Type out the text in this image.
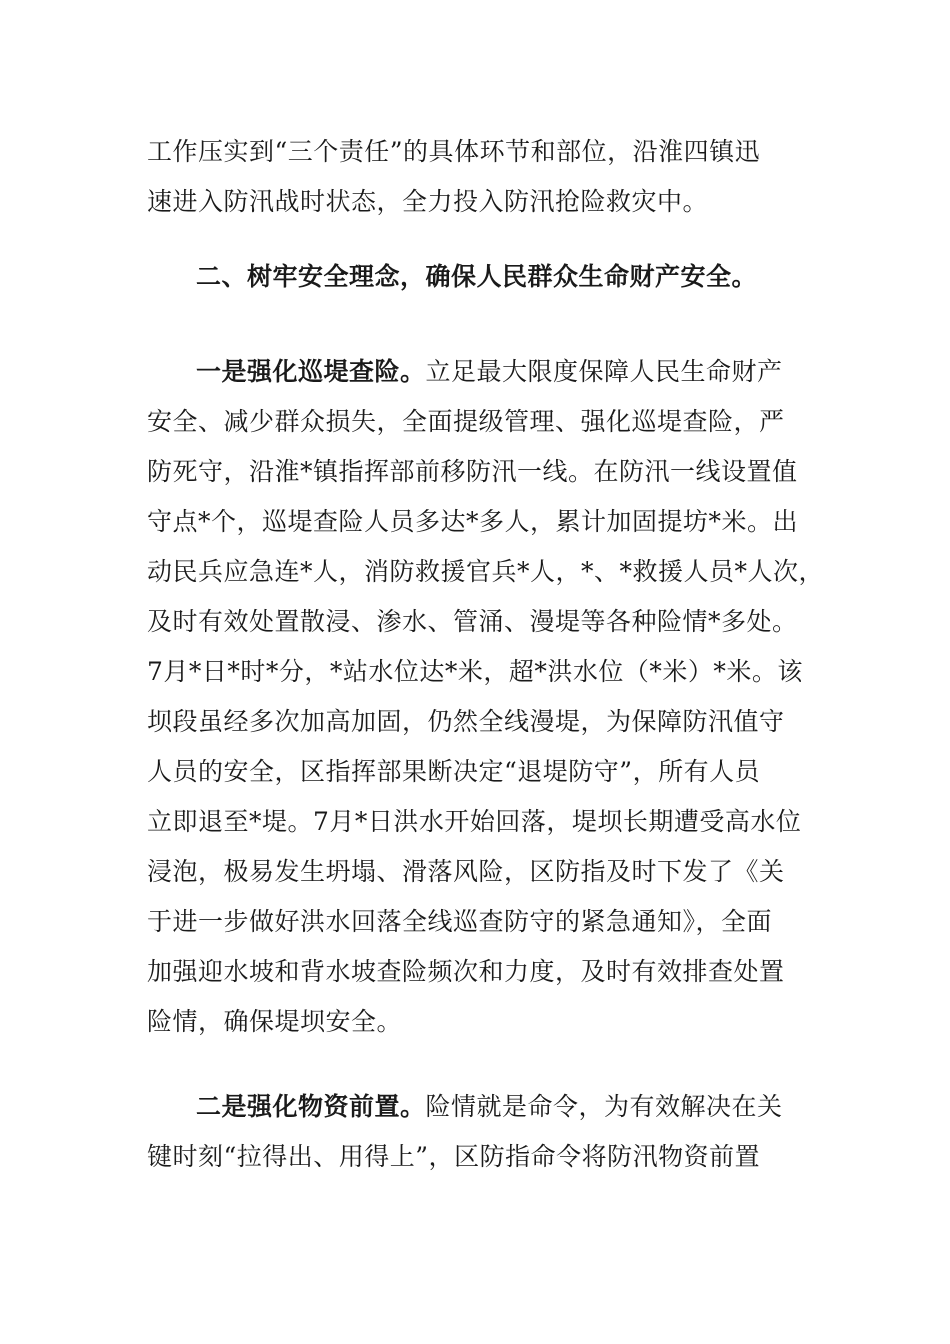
工作压实到“三个责任”的具体环节和部位，沿淮四镇迅
速进入防汛战时状态，全力投入防汛抢险救灾中。
二、树牢安全理念，确保人民群众生命财产安全。
一是强化巡堤查险。立足最大限度保障人民生命财产
安全、减少群众损失，全面提级管理、强化巡堤查险，严
防死守，沿淮*镇指挥部前移防汛一线。在防汛一线设置值
守点*个，巡堤查险人员多达*多人，累计加固提坊*米。出
动民兵应急连*人，消防救援官兵*人，*、*救援人员*人次，
及时有效处置散浸、渗水、管涌、漫堤等各种险情*多处。
7月*日*时*分，*站水位达*米，超*洪水位（*米）*米。该
坝段虽经多次加高加固，仍然全线漫堤，为保障防汛值守
人员的安全，区指挥部果断决定“退堤防守”，所有人员
立即退至*堤。7月*日洪水开始回落，堤坝长期遭受高水位
浸泡，极易发生坍塌、滑落风险，区防指及时下发了《关
于进一步做好洪水回落全线巡查防守的紧急通知》，全面
加强迎水坡和背水坡查险频次和力度，及时有效排查处置
险情，确保堤坝安全。
二是强化物资前置。险情就是命令，为有效解决在关
键时刻“拉得出、用得上”，区防指命令将防汛物资前置
